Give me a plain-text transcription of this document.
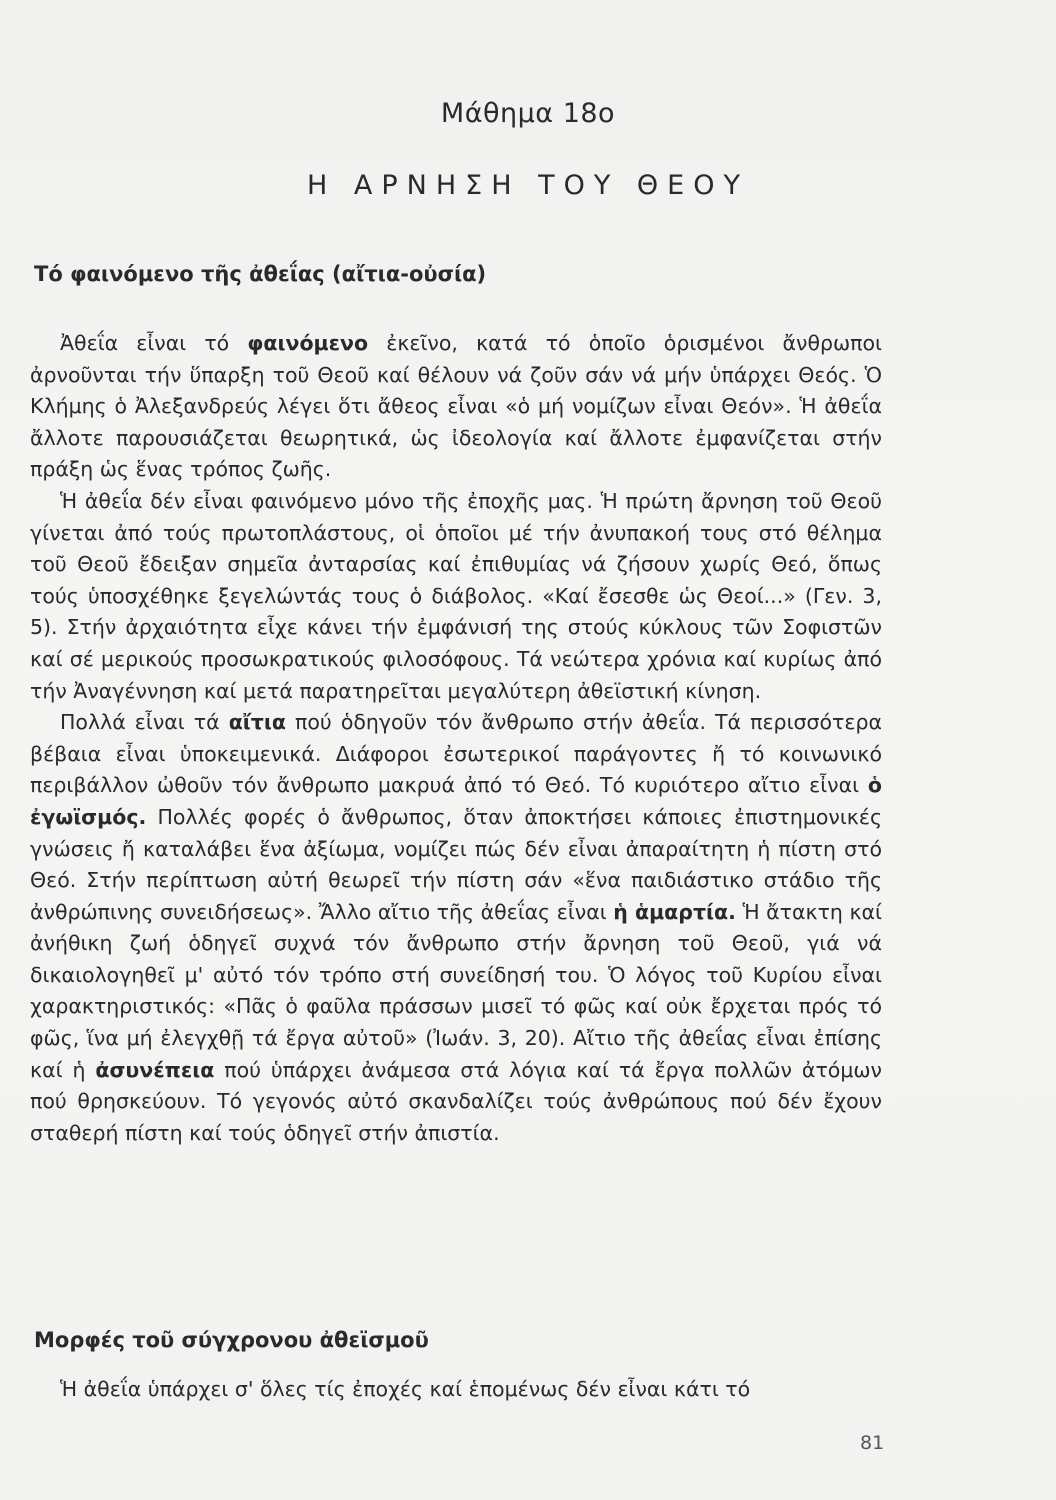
Μάθημα 18ο
Η ΑΡΝΗΣΗ ΤΟΥ ΘΕΟΥ
Τό φαινόμενο τῆς ἀθεΐας (αἴτια-οὐσία)

Ἀθεΐα εἶναι τό φαινόμενο ἐκεῖνο, κατά τό ὁποῖο ὁρισμένοι ἄνθρωποι ἀρνοῦνται τήν ὕπαρξη τοῦ Θεοῦ καί θέλουν νά ζοῦν σάν νά μήν ὑπάρχει Θεός. Ὁ Κλήμης ὁ Ἀλεξανδρεύς λέγει ὅτι ἄθεος εἶναι «ὁ μή νομίζων εἶναι Θεόν». Ἡ ἀθεΐα ἄλλοτε παρουσιάζεται θεωρητικά, ὡς ἰδεολογία καί ἄλλοτε ἐμφανίζεται στήν πράξη ὡς ἕνας τρόπος ζωῆς.

Ἡ ἀθεΐα δέν εἶναι φαινόμενο μόνο τῆς ἐποχῆς μας. Ἡ πρώτη ἄρνηση τοῦ Θεοῦ γίνεται ἀπό τούς πρωτοπλάστους, οἱ ὁποῖοι μέ τήν ἀνυπακοή τους στό θέλημα τοῦ Θεοῦ ἔδειξαν σημεῖα ἀνταρσίας καί ἐπιθυμίας νά ζήσουν χωρίς Θεό, ὅπως τούς ὑποσχέθηκε ξεγελώντάς τους ὁ διάβολος. «Καί ἔσεσθε ὡς Θεοί...» (Γεν. 3, 5). Στήν ἀρχαιότητα εἶχε κάνει τήν ἐμφάνισή της στούς κύκλους τῶν Σοφιστῶν καί σέ μερικούς προσωκρατικούς φιλοσόφους. Τά νεώτερα χρόνια καί κυρίως ἀπό τήν Ἀναγέννηση καί μετά παρατηρεῖται μεγαλύτερη ἀθεϊστική κίνηση.

Πολλά εἶναι τά αἴτια πού ὁδηγοῦν τόν ἄνθρωπο στήν ἀθεΐα. Τά περισσότερα βέβαια εἶναι ὑποκειμενικά. Διάφοροι ἐσωτερικοί παράγοντες ἤ τό κοινωνικό περιβάλλον ὠθοῦν τόν ἄνθρωπο μακρυά ἀπό τό Θεό. Τό κυριότερο αἴτιο εἶναι ὁ ἐγωϊσμός. Πολλές φορές ὁ ἄνθρωπος, ὅταν ἀποκτήσει κάποιες ἐπιστημονικές γνώσεις ἤ καταλάβει ἕνα ἀξίωμα, νομίζει πώς δέν εἶναι ἀπαραίτητη ἡ πίστη στό Θεό. Στήν περίπτωση αὐτή θεωρεῖ τήν πίστη σάν «ἕνα παιδιάστικο στάδιο τῆς ἀνθρώπινης συνειδήσεως». Ἄλλο αἴτιο τῆς ἀθεΐας εἶναι ἡ ἁμαρτία. Ἡ ἄτακτη καί ἀνήθικη ζωή ὁδηγεῖ συχνά τόν ἄνθρωπο στήν ἄρνηση τοῦ Θεοῦ, γιά νά δικαιολογηθεῖ μ' αὐτό τόν τρόπο στή συνείδησή του. Ὁ λόγος τοῦ Κυρίου εἶναι χαρακτηριστικός: «Πᾶς ὁ φαῦλα πράσσων μισεῖ τό φῶς καί οὐκ ἔρχεται πρός τό φῶς, ἵνα μή ἐλεγχθῇ τά ἔργα αὐτοῦ» (Ἰωάν. 3, 20). Αἴτιο τῆς ἀθεΐας εἶναι ἐπίσης καί ἡ ἀσυνέπεια πού ὑπάρχει ἀνάμεσα στά λόγια καί τά ἔργα πολλῶν ἀτόμων πού θρησκεύουν. Τό γεγονός αὐτό σκανδαλίζει τούς ἀνθρώπους πού δέν ἔχουν σταθερή πίστη καί τούς ὁδηγεῖ στήν ἀπιστία.

Μορφές τοῦ σύγχρονου ἀθεϊσμοῦ

Ἡ ἀθεΐα ὑπάρχει σ' ὅλες τίς ἐποχές καί ἑπομένως δέν εἶναι κάτι τό

81
